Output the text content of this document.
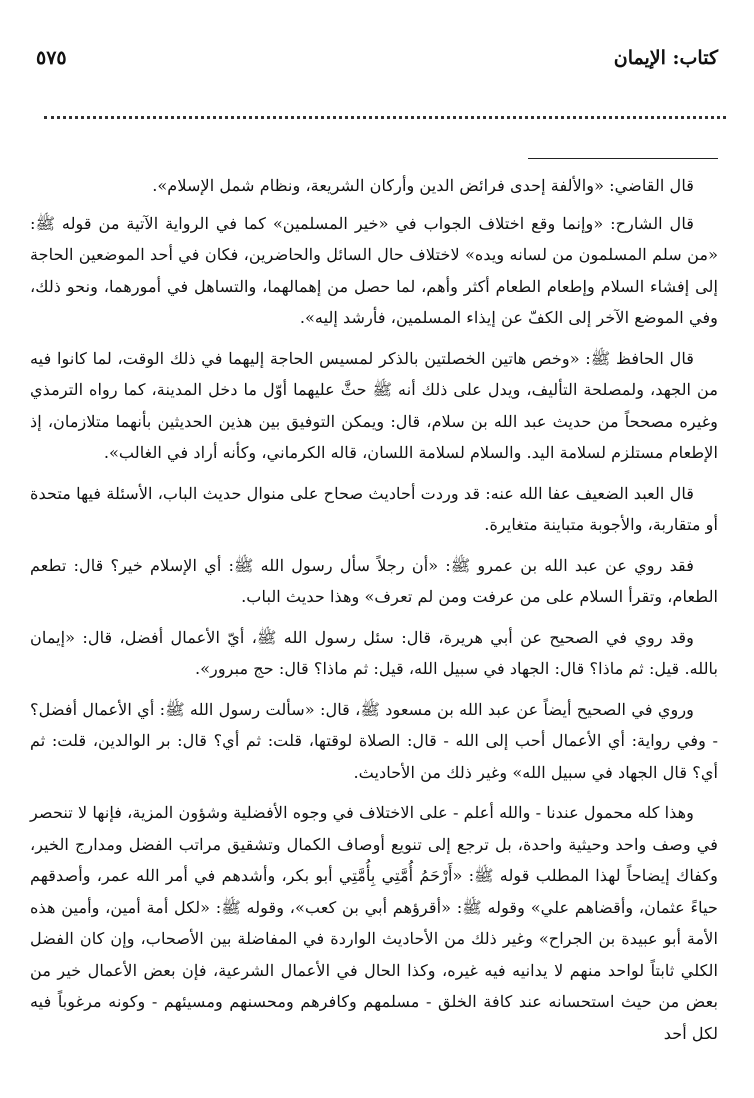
كتاب: الإيمان
٥٧٥

قال القاضي: «والألفة إحدى فرائض الدين وأركان الشريعة، ونظام شمل الإسلام».

قال الشارح: «وإنما وقع اختلاف الجواب في «خير المسلمين» كما في الرواية الآتية من قوله ﷺ: «من سلم المسلمون من لسانه ويده» لاختلاف حال السائل والحاضرين، فكان في أحد الموضعين الحاجة إلى إفشاء السلام وإطعام الطعام أكثر وأهم، لما حصل من إهمالهما، والتساهل في أمورهما، ونحو ذلك، وفي الموضع الآخر إلى الكفّ عن إيذاء المسلمين، فأرشد إليه».

قال الحافظ ﷺ: «وخص هاتين الخصلتين بالذكر لمسيس الحاجة إليهما في ذلك الوقت، لما كانوا فيه من الجهد، ولمصلحة التأليف، ويدل على ذلك أنه ﷺ حثَّ عليهما أوّل ما دخل المدينة، كما رواه الترمذي وغيره مصححاً من حديث عبد الله بن سلام، قال: ويمكن التوفيق بين هذين الحديثين بأنهما متلازمان، إذ الإطعام مستلزم لسلامة اليد. والسلام لسلامة اللسان، قاله الكرماني، وكأنه أراد في الغالب».

قال العبد الضعيف عفا الله عنه: قد وردت أحاديث صحاح على منوال حديث الباب، الأسئلة فيها متحدة أو متقاربة، والأجوبة متباينة متغايرة.

فقد روي عن عبد الله بن عمرو ﷺ: «أن رجلاً سأل رسول الله ﷺ: أي الإسلام خير؟ قال: تطعم الطعام، وتقرأ السلام على من عرفت ومن لم تعرف» وهذا حديث الباب.

وقد روي في الصحيح عن أبي هريرة، قال: سئل رسول الله ﷺ، أيّ الأعمال أفضل، قال: «إيمان بالله. قيل: ثم ماذا؟ قال: الجهاد في سبيل الله، قيل: ثم ماذا؟ قال: حج مبرور».

وروي في الصحيح أيضاً عن عبد الله بن مسعود ﷺ، قال: «سألت رسول الله ﷺ: أي الأعمال أفضل؟ - وفي رواية: أي الأعمال أحب إلى الله - قال: الصلاة لوقتها، قلت: ثم أي؟ قال: بر الوالدين، قلت: ثم أي؟ قال الجهاد في سبيل الله» وغير ذلك من الأحاديث.

وهذا كله محمول عندنا - والله أعلم - على الاختلاف في وجوه الأفضلية وشؤون المزية، فإنها لا تنحصر في وصف واحد وحيثية واحدة، بل ترجع إلى تنويع أوصاف الكمال وتشقيق مراتب الفضل ومدارج الخير، وكفاك إيضاحاً لهذا المطلب قوله ﷺ: «أَرْحَمُ أُمَّتِي بِأُمَّتِي أبو بكر، وأشدهم في أمر الله عمر، وأصدقهم حياءً عثمان، وأقضاهم علي» وقوله ﷺ: «أقرؤهم أبي بن كعب»، وقوله ﷺ: «لكل أمة أمين، وأمين هذه الأمة أبو عبيدة بن الجراح» وغير ذلك من الأحاديث الواردة في المفاضلة بين الأصحاب، وإن كان الفضل الكلي ثابتاً لواحد منهم لا يدانيه فيه غيره، وكذا الحال في الأعمال الشرعية، فإن بعض الأعمال خير من بعض من حيث استحسانه عند كافة الخلق - مسلمهم وكافرهم ومحسنهم ومسيئهم - وكونه مرغوباً فيه لكل أحد
